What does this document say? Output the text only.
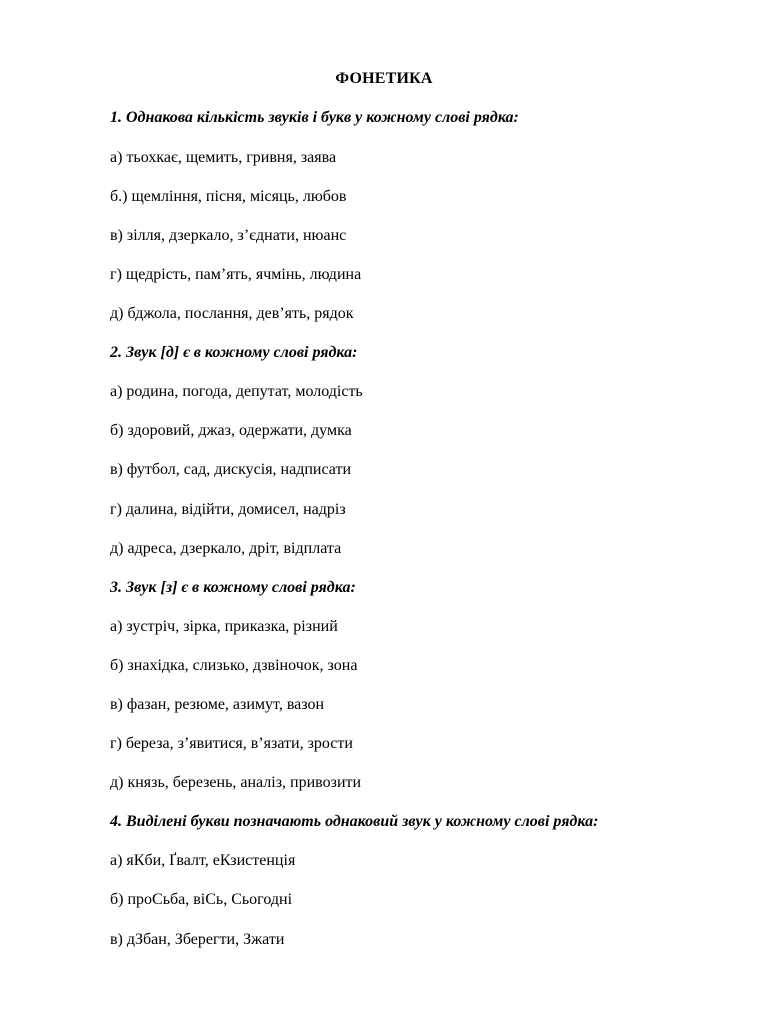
ФОНЕТИКА
1. Однакова кількість звуків і букв у кожному слові рядка:
а) тьохкає, щемить, гривня, заява
б.) щемління, пісня, місяць, любов
в) зілля, дзеркало, з’єднати, нюанс
г) щедрість, пам’ять, ячмінь, людина
д) бджола, послання, дев’ять, рядок
2. Звук [д] є в кожному слові рядка:
а) родина, погода, депутат, молодість
б) здоровий, джаз, одержати, думка
в) футбол, сад, дискусія, надписати
г) далина, відійти, домисел, надріз
д) адреса, дзеркало, дріт, відплата
3. Звук [з] є в кожному слові рядка:
а) зустріч, зірка, приказка, різний
б) знахідка, слизько, дзвіночок, зона
в) фазан, резюме, азимут, вазон
г) береза, з’явитися, в’язати, зрости
д) князь, березень, аналіз, привозити
4. Виділені букви позначають однаковий звук у кожному слові рядка:
а) яКби, Ґвалт, еКзистенція
б) проСьба, віСь, Сьогодні
в) дЗбан, Зберегти, Зжати
